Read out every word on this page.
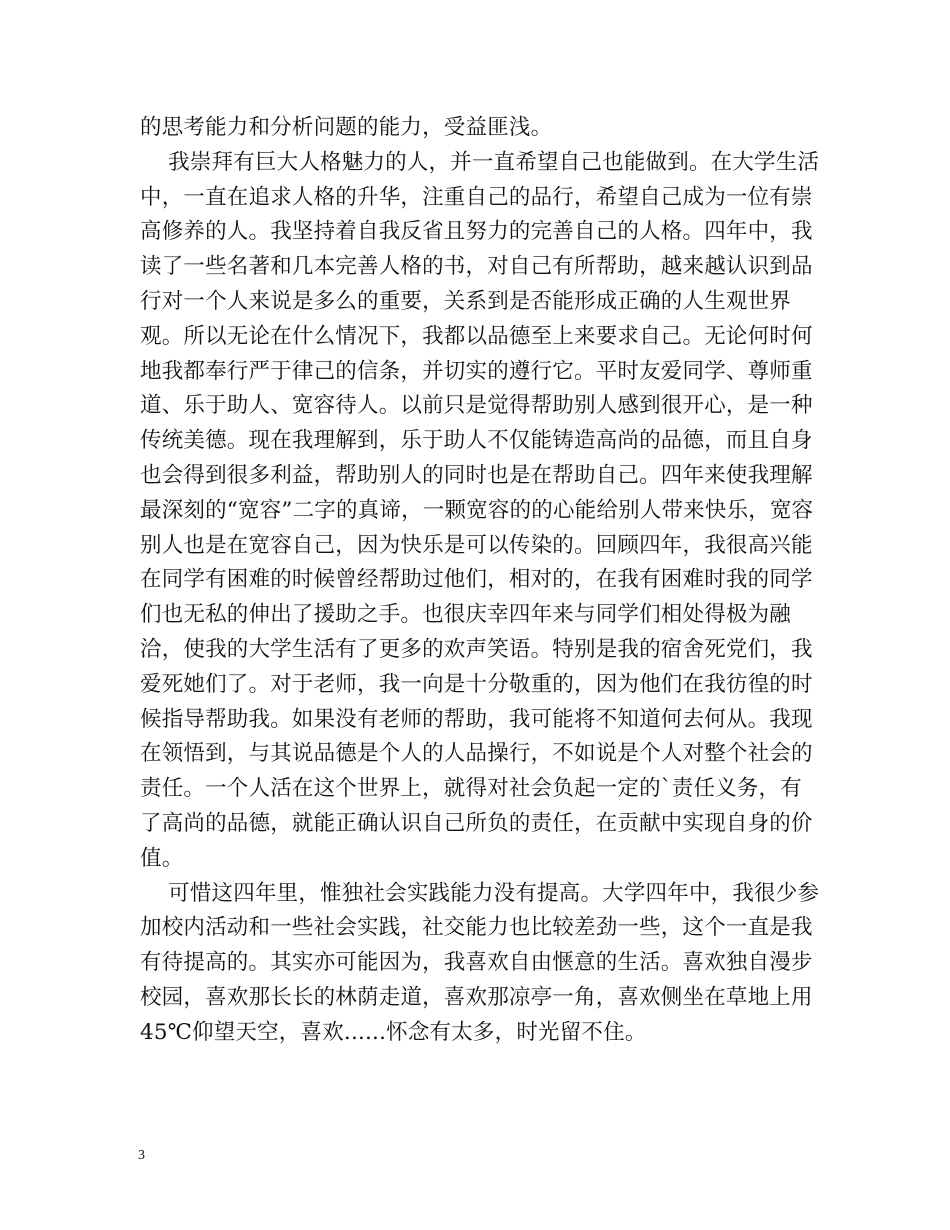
的思考能力和分析问题的能力，受益匪浅。

我崇拜有巨大人格魅力的人，并一直希望自己也能做到。在大学生活中，一直在追求人格的升华，注重自己的品行，希望自己成为一位有崇高修养的人。我坚持着自我反省且努力的完善自己的人格。四年中，我读了一些名著和几本完善人格的书，对自己有所帮助，越来越认识到品行对一个人来说是多么的重要，关系到是否能形成正确的人生观世界观。所以无论在什么情况下，我都以品德至上来要求自己。无论何时何地我都奉行严于律己的信条，并切实的遵行它。平时友爱同学、尊师重道、乐于助人、宽容待人。以前只是觉得帮助别人感到很开心，是一种传统美德。现在我理解到，乐于助人不仅能铸造高尚的品德，而且自身也会得到很多利益，帮助别人的同时也是在帮助自己。四年来使我理解最深刻的“宽容”二字的真谛，一颗宽容的的心能给别人带来快乐，宽容别人也是在宽容自己，因为快乐是可以传染的。回顾四年，我很高兴能在同学有困难的时候曾经帮助过他们，相对的，在我有困难时我的同学们也无私的伸出了援助之手。也很庆幸四年来与同学们相处得极为融洽，使我的大学生活有了更多的欢声笑语。特别是我的宿舍死党们，我爱死她们了。对于老师，我一向是十分敬重的，因为他们在我彷徨的时候指导帮助我。如果没有老师的帮助，我可能将不知道何去何从。我现在领悟到，与其说品德是个人的人品操行，不如说是个人对整个社会的责任。一个人活在这个世界上，就得对社会负起一定的`责任义务，有了高尚的品德，就能正确认识自己所负的责任，在贡献中实现自身的价值。

可惜这四年里，惟独社会实践能力没有提高。大学四年中，我很少参加校内活动和一些社会实践，社交能力也比较差劲一些，这个一直是我有待提高的。其实亦可能因为，我喜欢自由惬意的生活。喜欢独自漫步校园，喜欢那长长的林荫走道，喜欢那凉亭一角，喜欢侧坐在草地上用45℃仰望天空，喜欢......怀念有太多，时光留不住。

3
